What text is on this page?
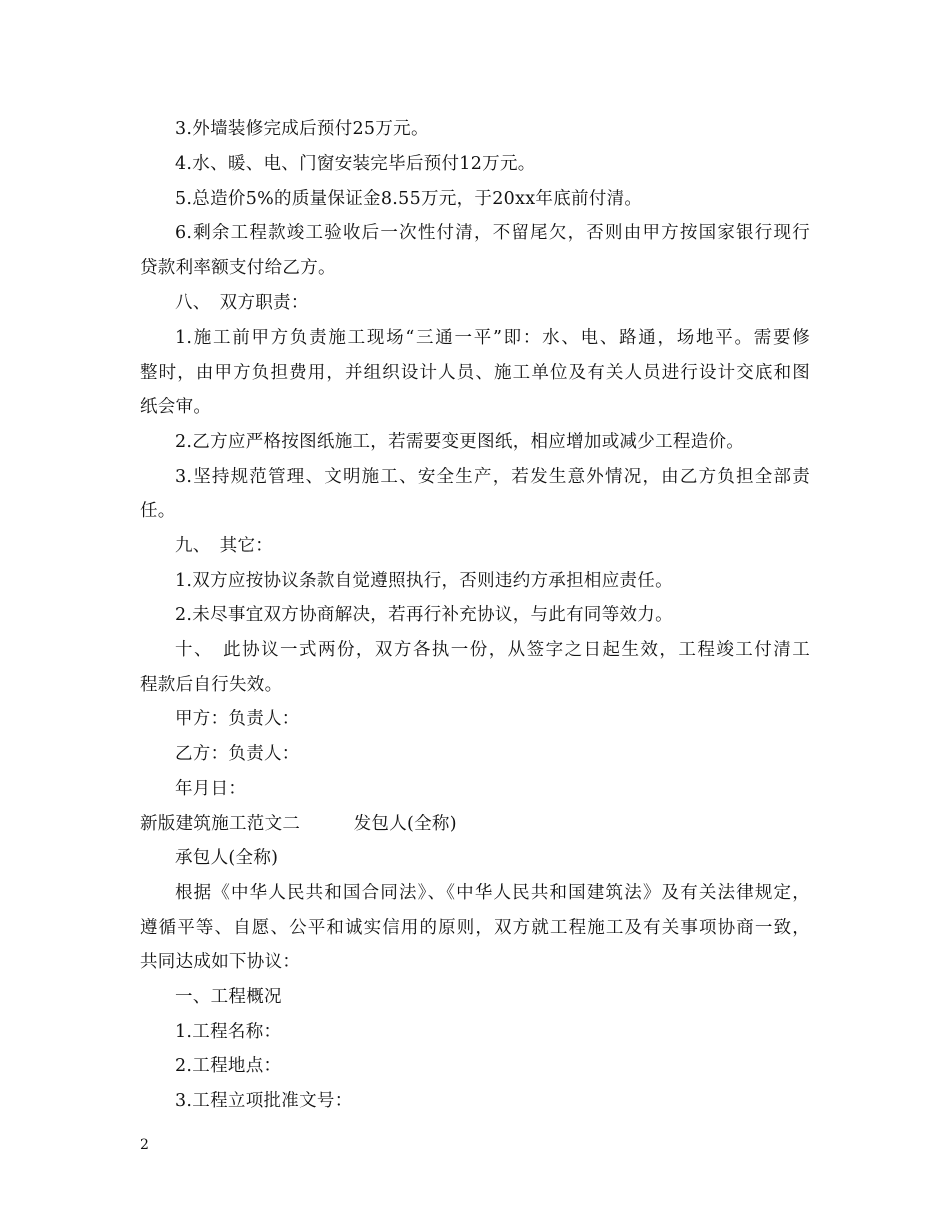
3.外墙装修完成后预付25万元。
4.水、暖、电、门窗安装完毕后预付12万元。
5.总造价5%的质量保证金8.55万元，于20xx年底前付清。
6.剩余工程款竣工验收后一次性付清，不留尾欠，否则由甲方按国家银行现行
贷款利率额支付给乙方。
八、　双方职责：
1.施工前甲方负责施工现场“三通一平”即：水、电、路通，场地平。需要修
整时，由甲方负担费用，并组织设计人员、施工单位及有关人员进行设计交底和图
纸会审。
2.乙方应严格按图纸施工，若需要变更图纸，相应增加或减少工程造价。
3.坚持规范管理、文明施工、安全生产，若发生意外情况，由乙方负担全部责
任。
九、　其它：
1.双方应按协议条款自觉遵照执行，否则违约方承担相应责任。
2.未尽事宜双方协商解决，若再行补充协议，与此有同等效力。
十、　此协议一式两份，双方各执一份，从签字之日起生效，工程竣工付清工
程款后自行失效。
甲方：负责人：
乙方：负责人：
年月日：
新版建筑施工范文二　　　发包人(全称)
承包人(全称)
根据《中华人民共和国合同法》、《中华人民共和国建筑法》及有关法律规定，
遵循平等、自愿、公平和诚实信用的原则，双方就工程施工及有关事项协商一致，
共同达成如下协议：
一、工程概况
1.工程名称：
2.工程地点：
3.工程立项批准文号：
2
